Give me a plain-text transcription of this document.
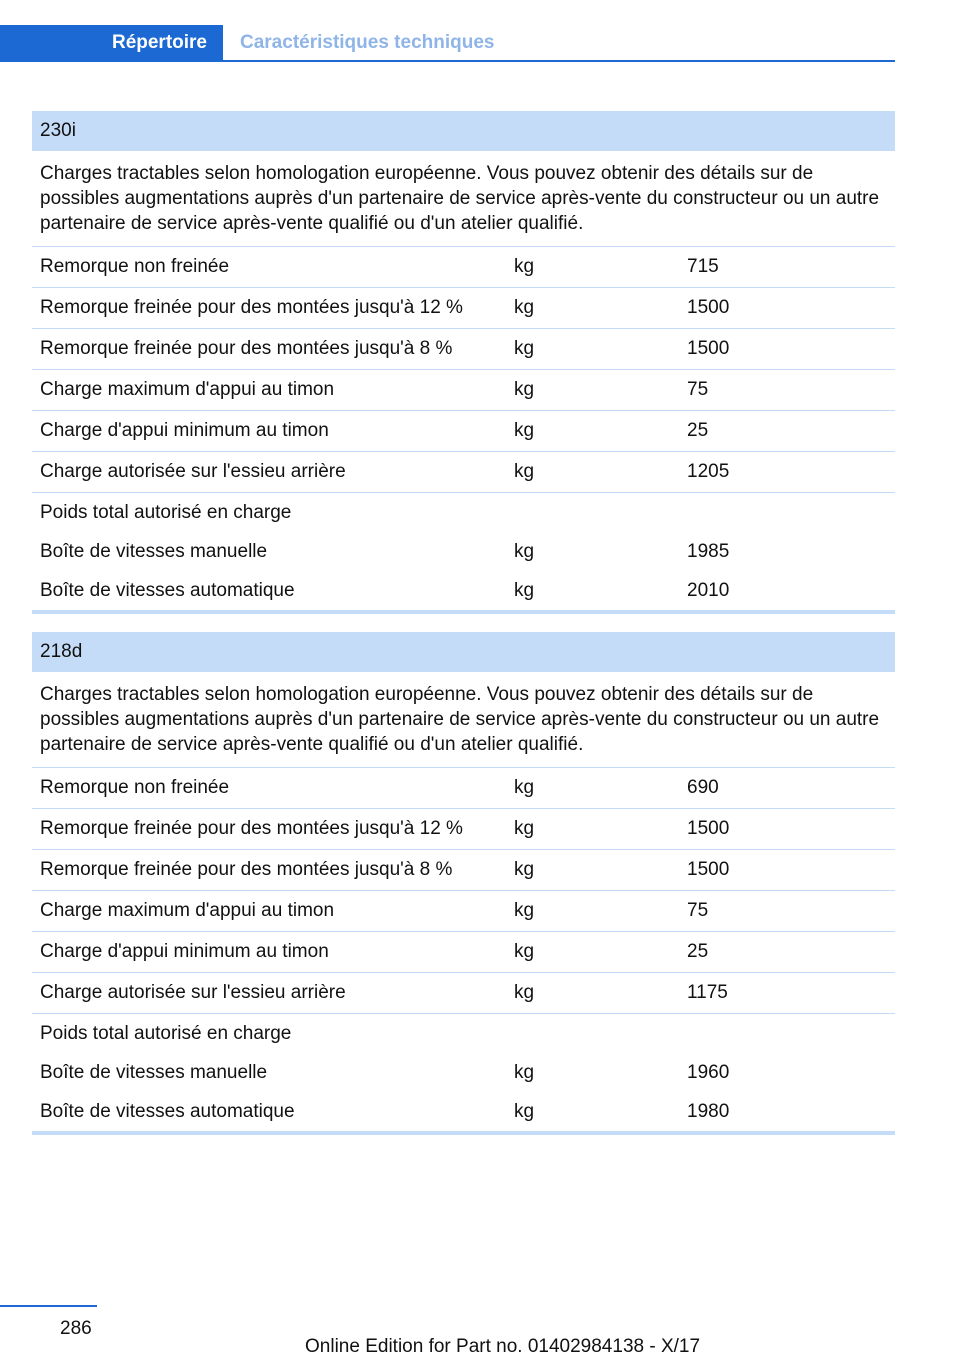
Répertoire	Caractéristiques techniques
230i
Charges tractables selon homologation européenne. Vous pouvez obtenir des détails sur de possibles augmentations auprès d'un partenaire de service après-vente du constructeur ou un autre partenaire de service après-vente qualifié ou d'un atelier qualifié.
Remorque non freinée	kg	715
Remorque freinée pour des montées jusqu'à 12 %	kg	1500
Remorque freinée pour des montées jusqu'à 8 %	kg	1500
Charge maximum d'appui au timon	kg	75
Charge d'appui minimum au timon	kg	25
Charge autorisée sur l'essieu arrière	kg	1205
Poids total autorisé en charge
Boîte de vitesses manuelle	kg	1985
Boîte de vitesses automatique	kg	2010
218d
Charges tractables selon homologation européenne. Vous pouvez obtenir des détails sur de possibles augmentations auprès d'un partenaire de service après-vente du constructeur ou un autre partenaire de service après-vente qualifié ou d'un atelier qualifié.
Remorque non freinée	kg	690
Remorque freinée pour des montées jusqu'à 12 %	kg	1500
Remorque freinée pour des montées jusqu'à 8 %	kg	1500
Charge maximum d'appui au timon	kg	75
Charge d'appui minimum au timon	kg	25
Charge autorisée sur l'essieu arrière	kg	1175
Poids total autorisé en charge
Boîte de vitesses manuelle	kg	1960
Boîte de vitesses automatique	kg	1980
286
Online Edition for Part no. 01402984138 - X/17
